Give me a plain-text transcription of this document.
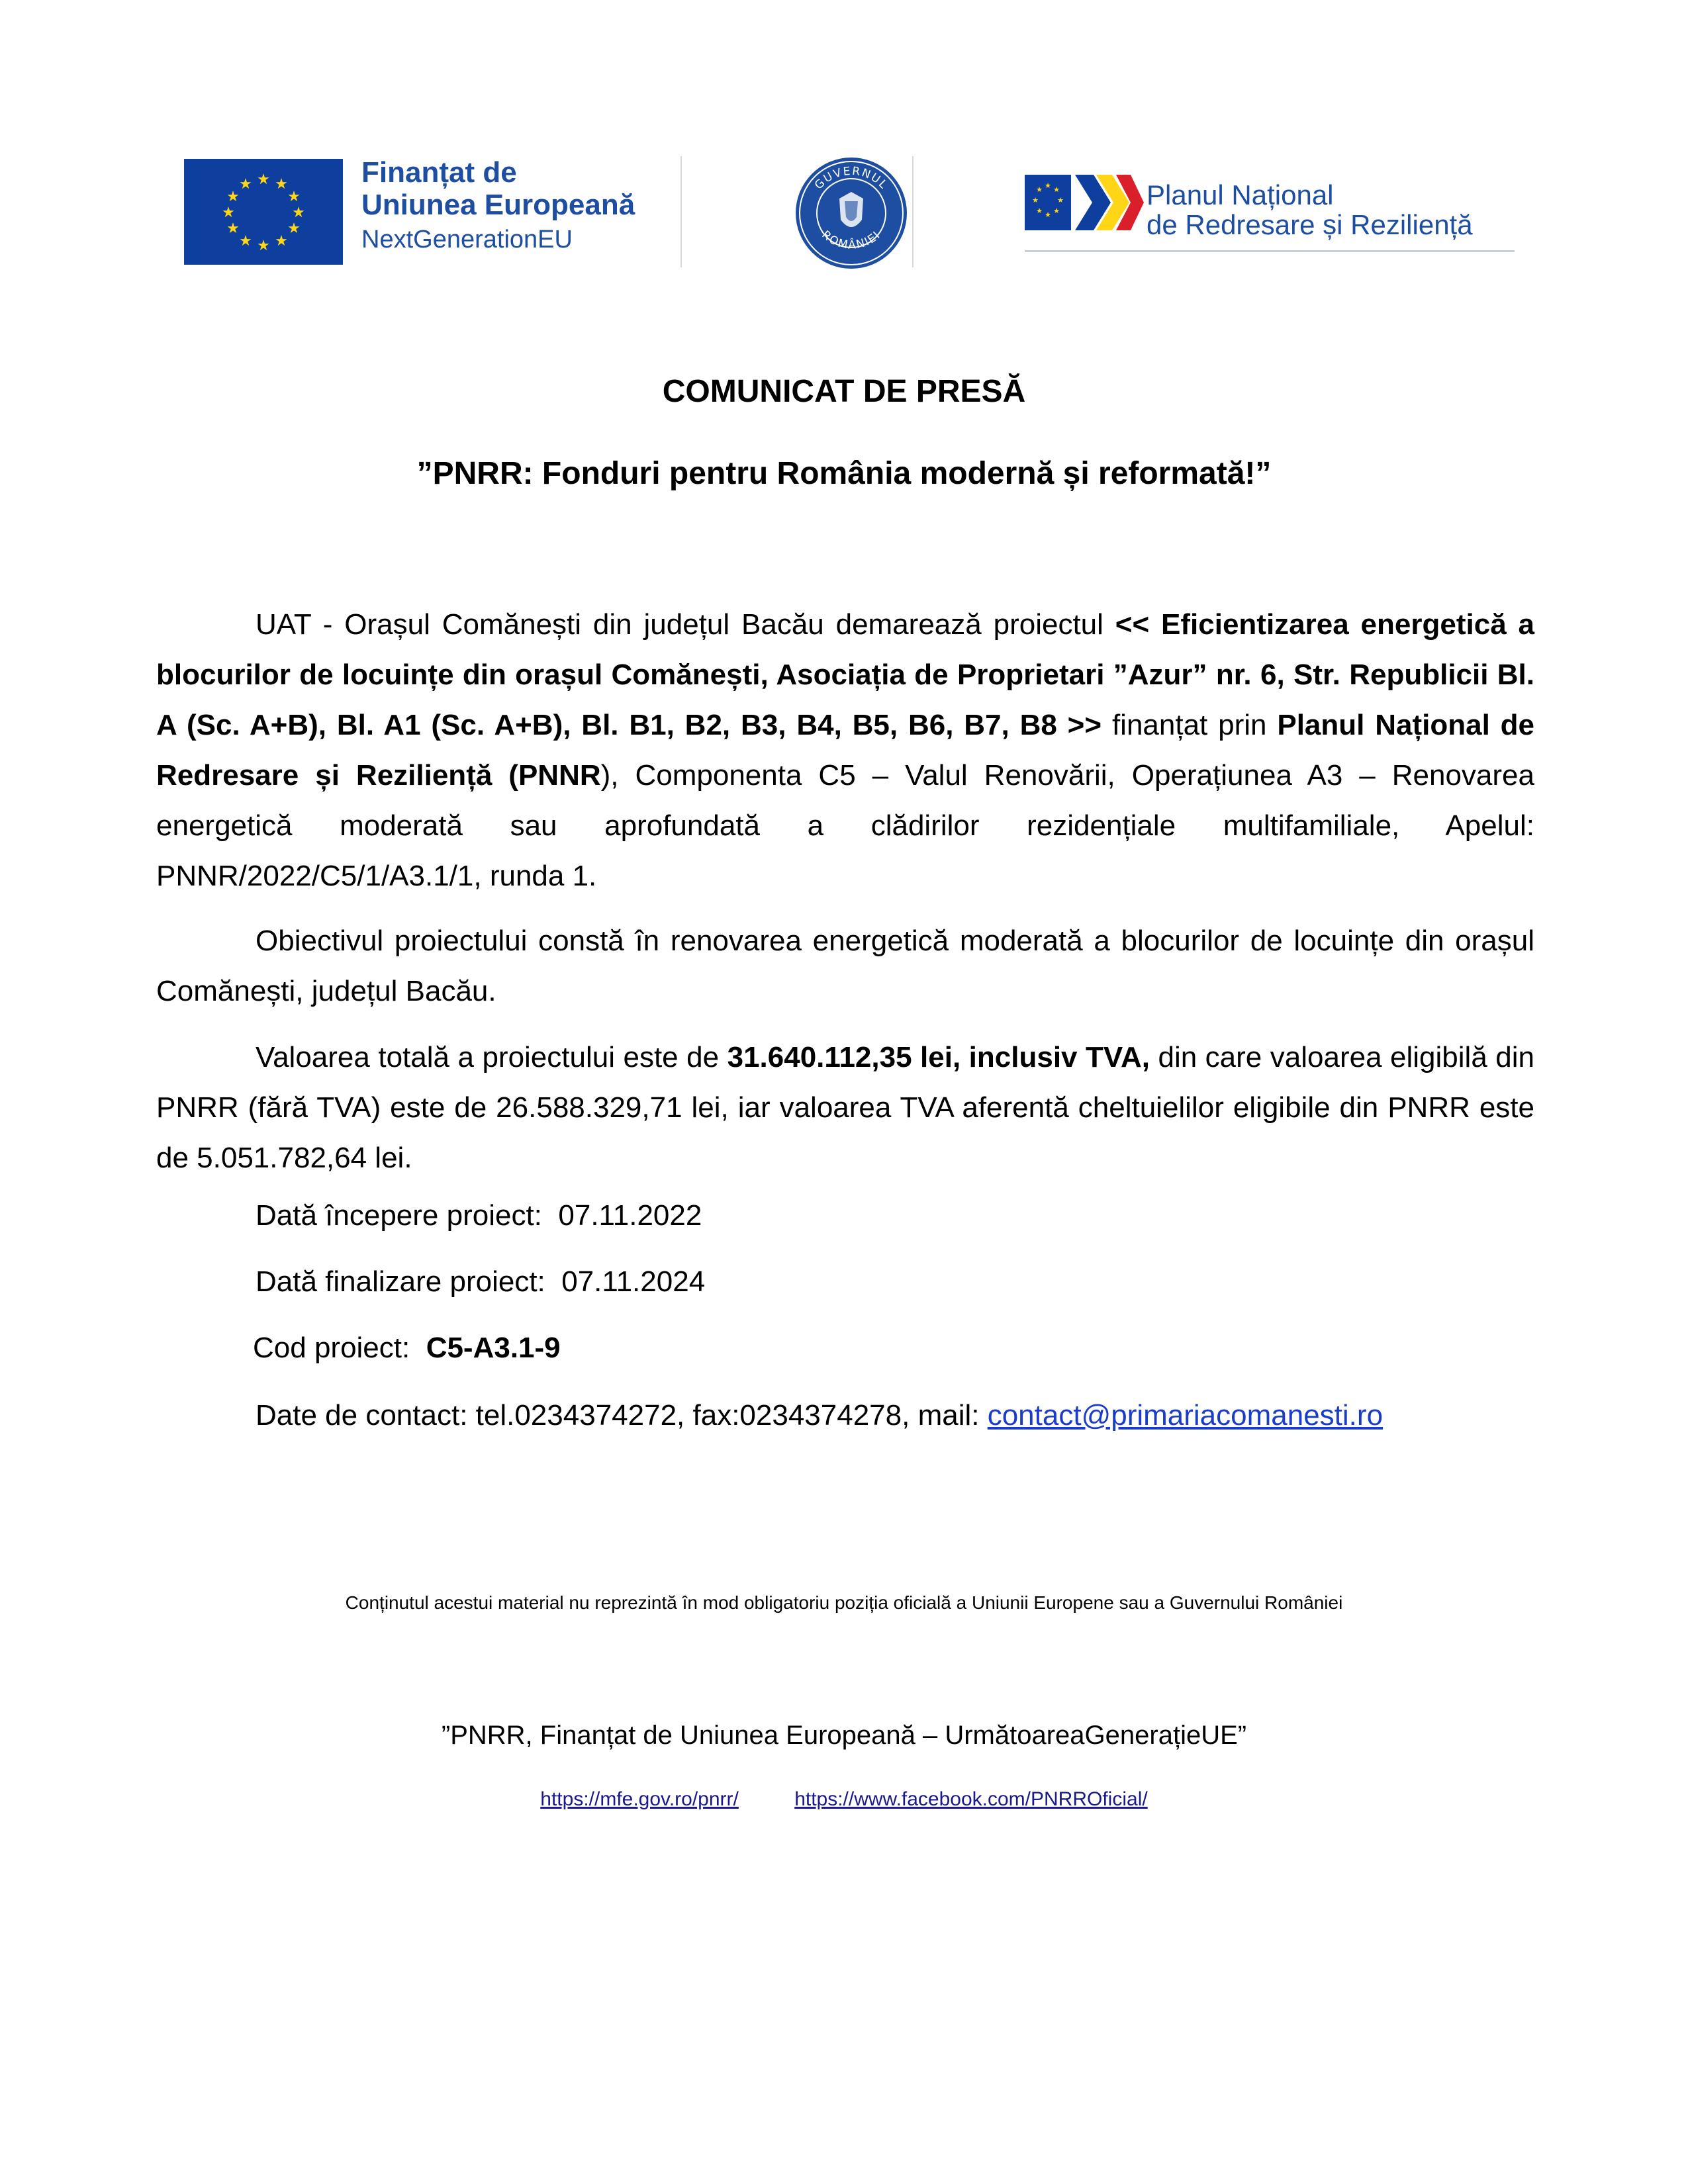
★ ★
★
★
★
★
★
★
★
★
★
★	Finanțat de
Uniunea Europeană
NextGenerationEU
GUVERNUL
ROMÂNIEI
★ ★
★
★
★
★
★
★	Planul Național
de Redresare și Reziliență
COMUNICAT DE PRESĂ
”PNRR: Fonduri pentru România modernă și reformată!”

UAT - Orașul Comănești din județul Bacău demarează proiectul << Eficientizarea energetică a blocurilor de locuințe din orașul Comănești, Asociația de Proprietari ”Azur” nr. 6, Str. Republicii Bl. A (Sc. A+B), Bl. A1 (Sc. A+B), Bl. B1, B2, B3, B4, B5, B6, B7, B8 >> finanțat prin Planul Național de Redresare și Reziliență (PNNR), Componenta C5 – Valul Renovării, Operațiunea A3 – Renovarea energetică moderată sau aprofundată a clădirilor rezidențiale multifamiliale, Apelul: PNNR/2022/C5/1/A3.1/1, runda 1.

Obiectivul proiectului constă în renovarea energetică moderată a blocurilor de locuințe din orașul Comănești, județul Bacău.

Valoarea totală a proiectului este de 31.640.112,35 lei, inclusiv TVA, din care valoarea eligibilă din PNRR (fără TVA) este de 26.588.329,71 lei, iar valoarea TVA aferentă cheltuielilor eligibile din PNRR este de 5.051.782,64 lei.

Dată începere proiect: 07.11.2022
Dată finalizare proiect: 07.11.2024
Cod proiect: C5-A3.1-9
Date de contact: tel.0234374272, fax:0234374278, mail: contact@primariacomanesti.ro
Conținutul acestui material nu reprezintă în mod obligatoriu poziția oficială a Uniunii Europene sau a Guvernului României
”PNRR, Finanțat de Uniunea Europeană – UrmătoareaGenerațieUE”
https://mfe.gov.ro/pnrr/	https://www.facebook.com/PNRROficial/
